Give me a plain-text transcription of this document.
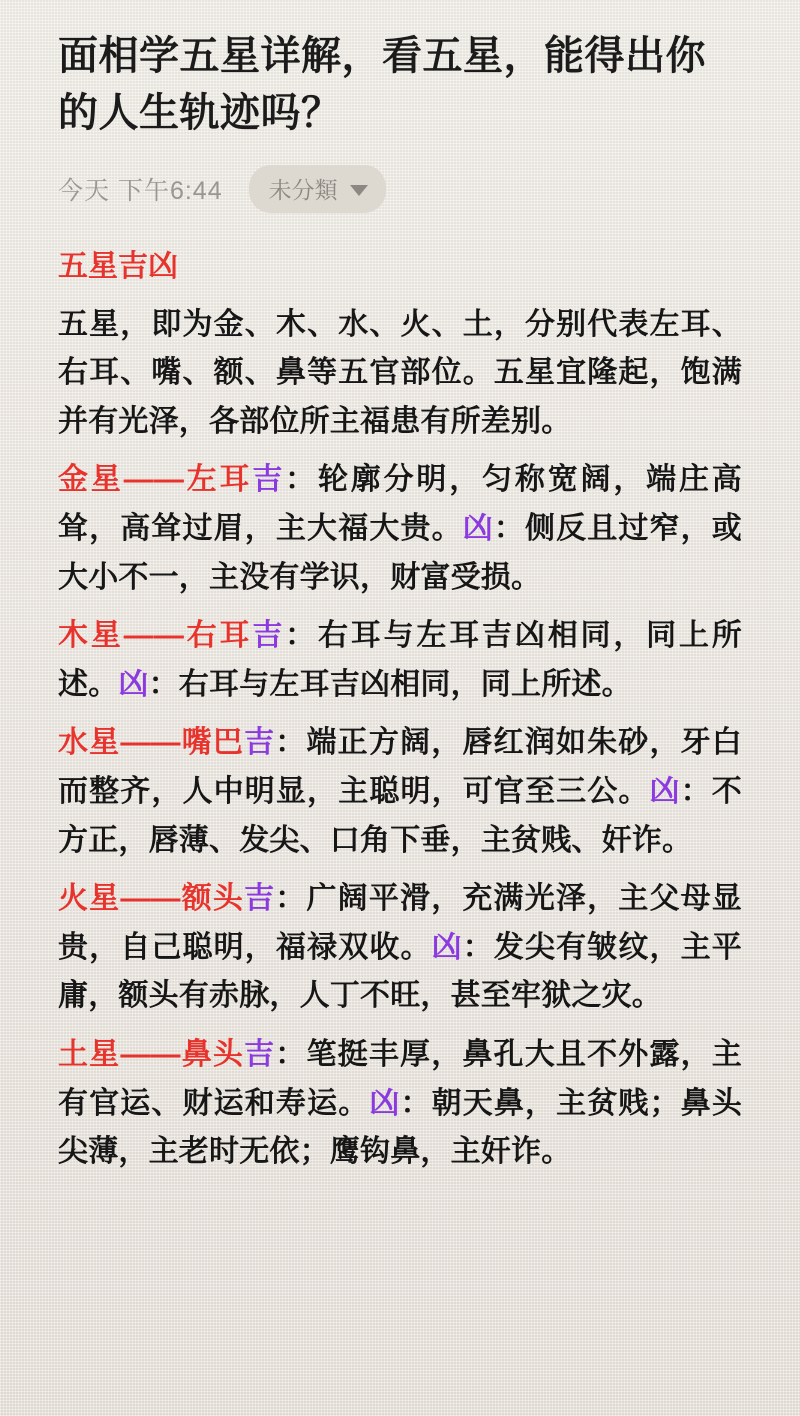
面相学五星详解，看五星，能得出你的人生轨迹吗？
今天 下午6:44 未分類
五星吉凶

五星，即为金、木、水、火、土，分别代表左耳、右耳、嘴、额、鼻等五官部位。五星宜隆起，饱满并有光泽，各部位所主福患有所差别。

金星——左耳吉：轮廓分明，匀称宽阔，端庄高耸，高耸过眉，主大福大贵。凶：侧反且过窄，或大小不一，主没有学识，财富受损。

木星——右耳吉：右耳与左耳吉凶相同，同上所述。凶：右耳与左耳吉凶相同，同上所述。

水星——嘴巴吉：端正方阔，唇红润如朱砂，牙白而整齐，人中明显，主聪明，可官至三公。凶：不方正，唇薄、发尖、口角下垂，主贫贱、奸诈。

火星——额头吉：广阔平滑，充满光泽，主父母显贵，自己聪明，福禄双收。凶：发尖有皱纹，主平庸，额头有赤脉，人丁不旺，甚至牢狱之灾。

土星——鼻头吉：笔挺丰厚，鼻孔大且不外露，主有官运、财运和寿运。凶：朝天鼻，主贫贱；鼻头尖薄，主老时无依；鹰钩鼻，主奸诈。
